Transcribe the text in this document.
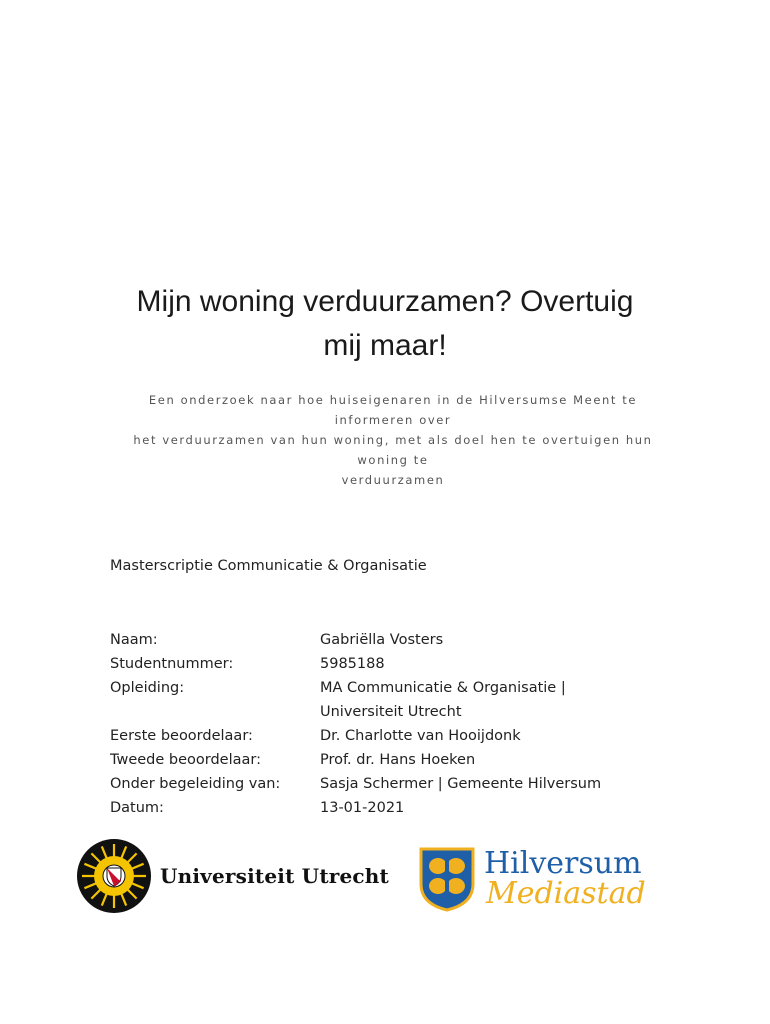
Mijn woning verduurzamen? Overtuig
mij maar!
Een onderzoek naar hoe huiseigenaren in de Hilversumse Meent te informeren over
het verduurzamen van hun woning, met als doel hen te overtuigen hun woning te
verduurzamen
Masterscriptie Communicatie & Organisatie
Naam:	Gabriëlla Vosters
Studentnummer:	5985188
Opleiding:	MA Communicatie & Organisatie |
Universiteit Utrecht
Eerste beoordelaar:	Dr. Charlotte van Hooijdonk
Tweede beoordelaar:	Prof. dr. Hans Hoeken
Onder begeleiding van:	Sasja Schermer | Gemeente Hilversum
Datum:	13-01-2021
Universiteit Utrecht	Hilversum
Mediastad
